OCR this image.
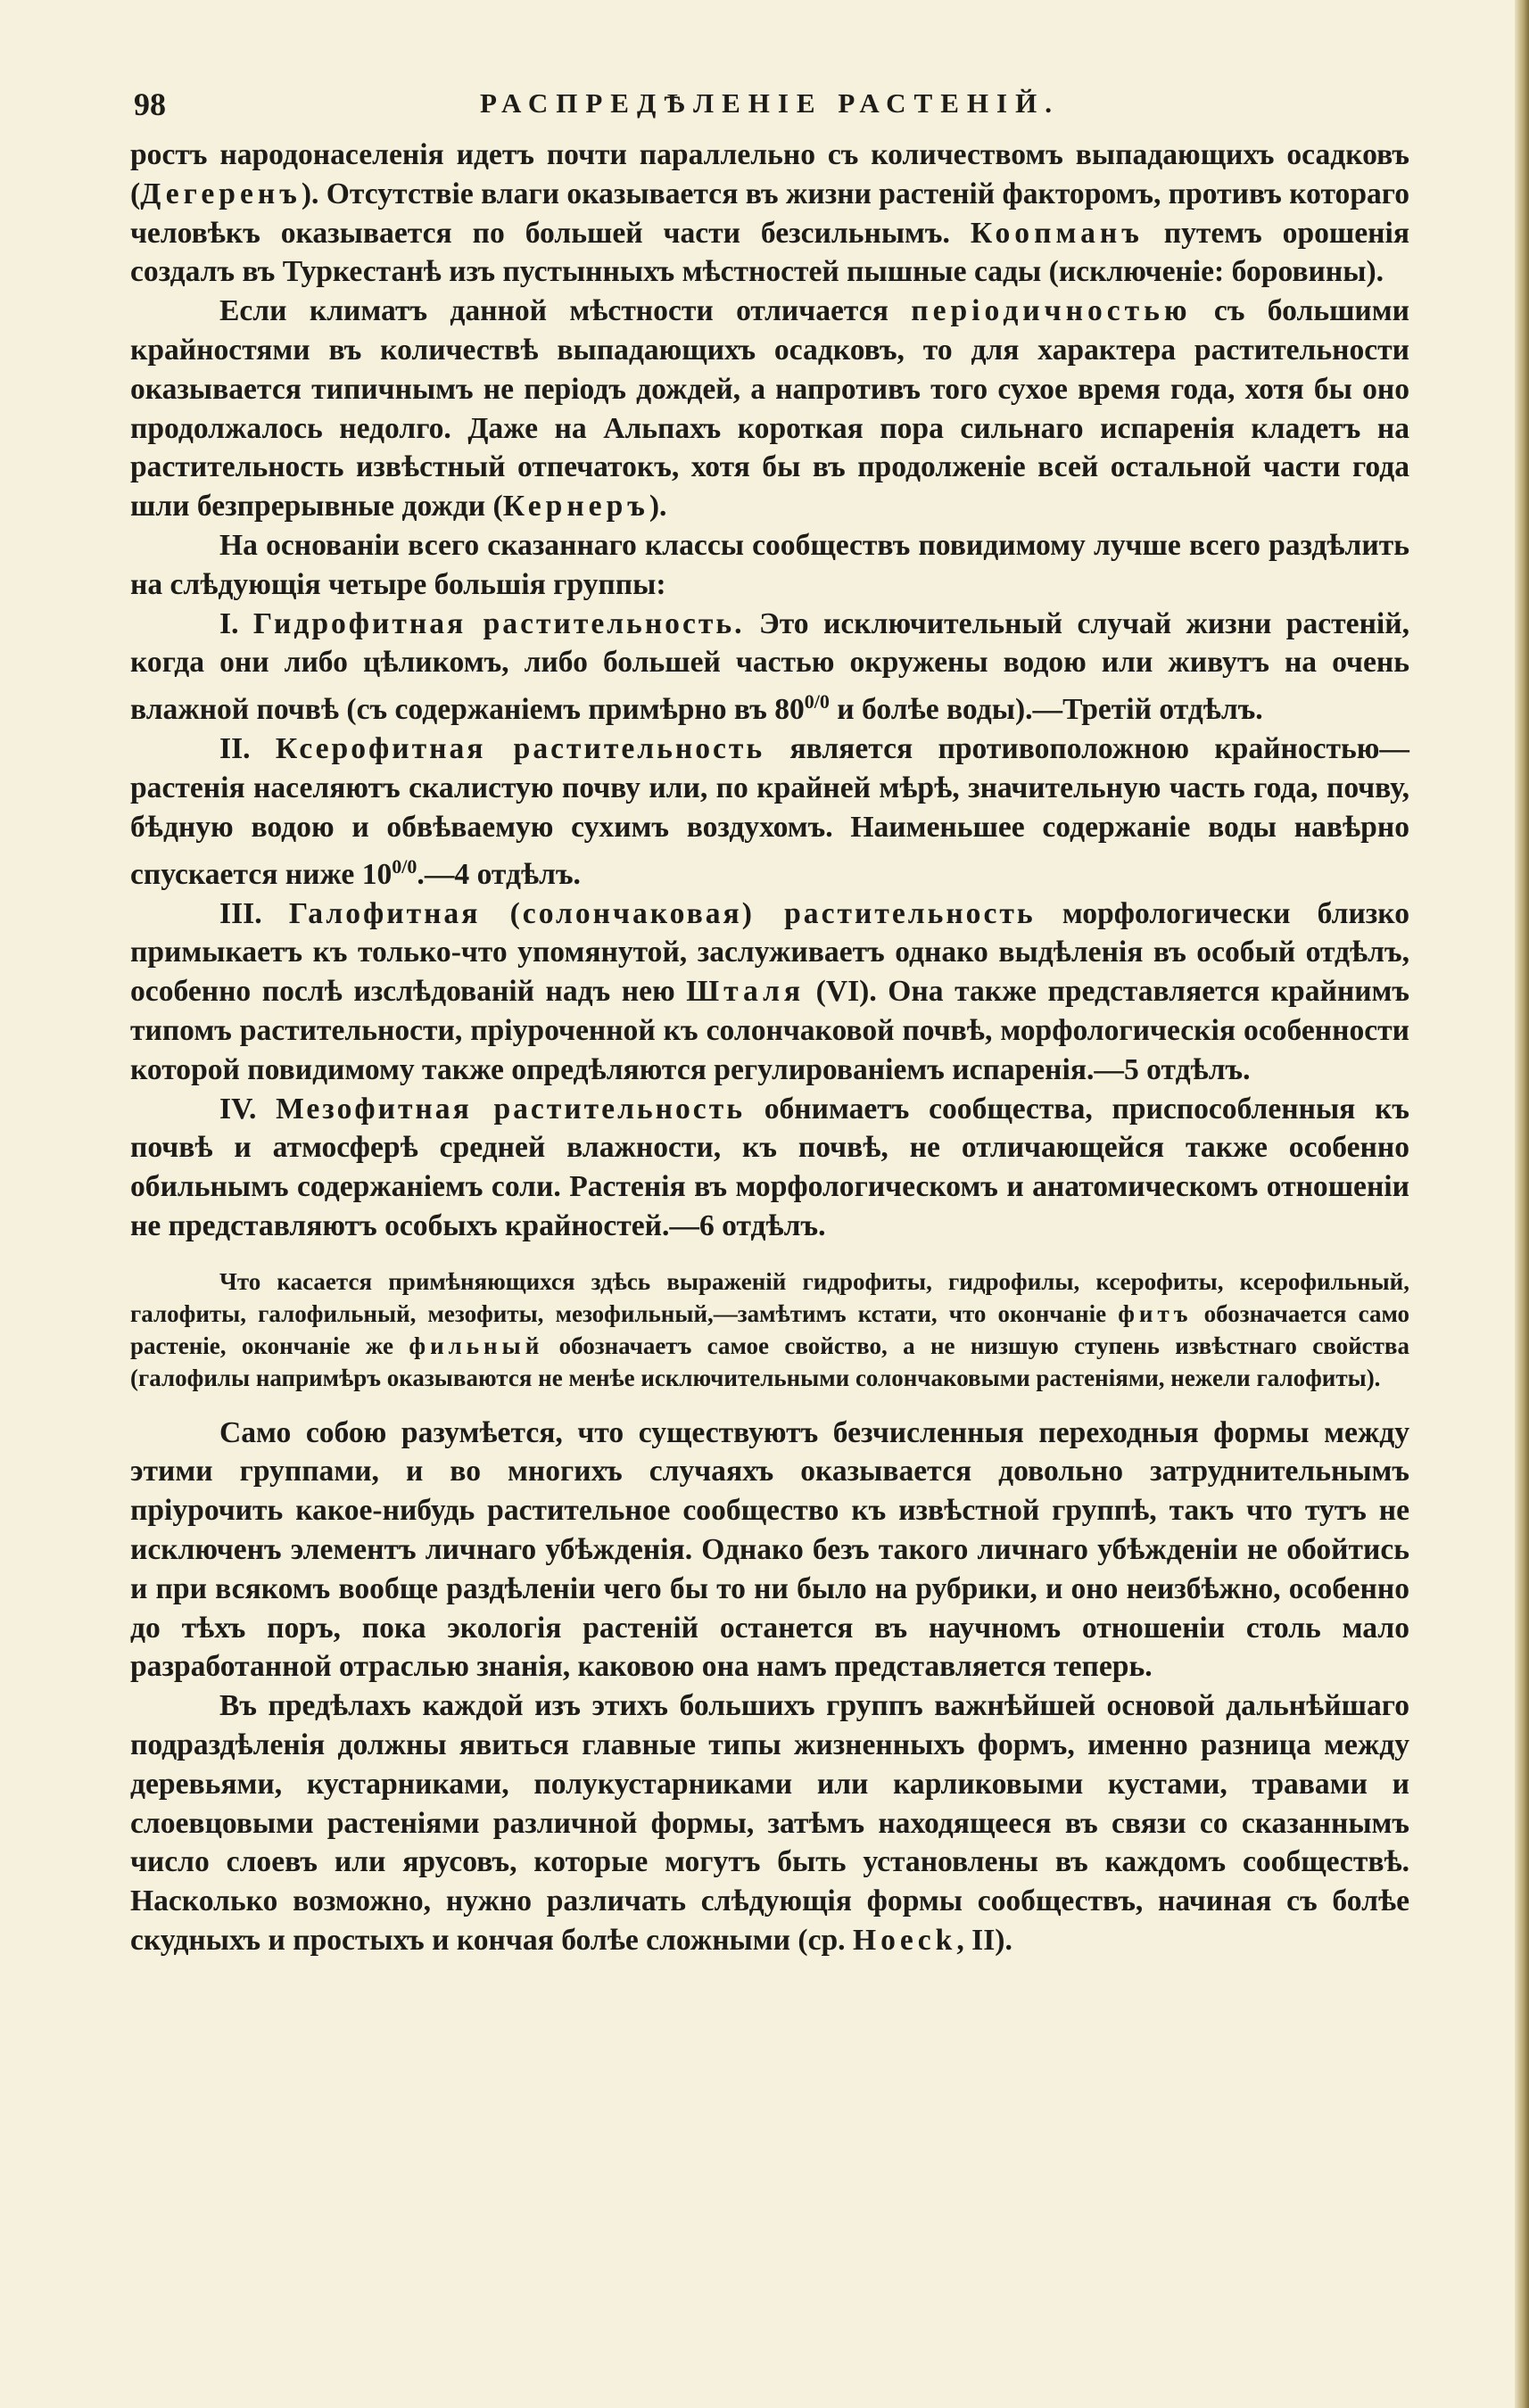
98	РАСПРЕДѢЛЕНІЕ РАСТЕНІЙ.

ростъ народонаселенія идетъ почти параллельно съ количествомъ выпадающихъ осадковъ (Дегеренъ). Отсутствіе влаги оказывается въ жизни растеній факторомъ, противъ котораго человѣкъ оказывается по большей части безсильнымъ. Коопманъ путемъ орошенія создалъ въ Туркестанѣ изъ пустынныхъ мѣстностей пышные сады (исключеніе: боровины).

Если климатъ данной мѣстности отличается періодичностью съ большими крайностями въ количествѣ выпадающихъ осадковъ, то для характера растительности оказывается типичнымъ не періодъ дождей, а напротивъ того сухое время года, хотя бы оно продолжалось недолго. Даже на Альпахъ короткая пора сильнаго испаренія кладетъ на растительность извѣстный отпечатокъ, хотя бы въ продолженіе всей остальной части года шли безпрерывные дожди (Кернеръ).

На основаніи всего сказаннаго классы сообществъ повидимому лучше всего раздѣлить на слѣдующія четыре большія группы:

I. Гидрофитная растительность. Это исключительный случай жизни растеній, когда они либо цѣликомъ, либо большей частью окружены водою или живутъ на очень влажной почвѣ (съ содержаніемъ примѣрно въ $80^{0/0}$ и болѣе воды).—Третій отдѣлъ.

II. Ксерофитная растительность является противоположною крайностью—растенія населяютъ скалистую почву или, по крайней мѣрѣ, значительную часть года, почву, бѣдную водою и обвѣваемую сухимъ воздухомъ. Наименьшее содержаніе воды навѣрно спускается ниже $10^{0/0}.—4$ отдѣлъ.

III. Галофитная (солончаковая) растительность морфологически близко примыкаетъ къ только-что упомянутой, заслуживаетъ однако выдѣленія въ особый отдѣлъ, особенно послѣ изслѣдованій надъ нею Шталя (VI). Она также представляется крайнимъ типомъ растительности, пріуроченной къ солончаковой почвѣ, морфологическія особенности которой повидимому также опредѣляются регулированіемъ испаренія.—5 отдѣлъ.

IV. Мезофитная растительность обнимаетъ сообщества, приспособленныя къ почвѣ и атмосферѣ средней влажности, къ почвѣ, не отличающейся также особенно обильнымъ содержаніемъ соли. Растенія въ морфологическомъ и анатомическомъ отношеніи не представляютъ особыхъ крайностей.—6 отдѣлъ.

Что касается примѣняющихся здѣсь выраженій гидрофиты, гидрофилы, ксерофиты, ксерофильный, галофиты, галофильный, мезофиты, мезофильный,—замѣтимъ кстати, что окончаніе фитъ обозначается само растеніе, окончаніе же фильный обозначаетъ самое свойство, а не низшую ступень извѣстнаго свойства (галофилы напримѣръ оказываются не менѣе исключительными солончаковыми растеніями, нежели галофиты).

Само собою разумѣется, что существуютъ безчисленныя переходныя формы между этими группами, и во многихъ случаяхъ оказывается довольно затруднительнымъ пріурочить какое-нибудь растительное сообщество къ извѣстной группѣ, такъ что тутъ не исключенъ элементъ личнаго убѣжденія. Однако безъ такого личнаго убѣжденіи не обойтись и при всякомъ вообще раздѣленіи чего бы то ни было на рубрики, и оно неизбѣжно, особенно до тѣхъ поръ, пока экологія растеній останется въ научномъ отношеніи столь мало разработанной отраслью знанія, каковою она намъ представляется теперь.

Въ предѣлахъ каждой изъ этихъ большихъ группъ важнѣйшей основой дальнѣйшаго подраздѣленія должны явиться главные типы жизненныхъ формъ, именно разница между деревьями, кустарниками, полукустарниками или карликовыми кустами, травами и слоевцовыми растеніями различной формы, затѣмъ находящееся въ связи со сказаннымъ число слоевъ или ярусовъ, которые могутъ быть установлены въ каждомъ сообществѣ. Насколько возможно, нужно различать слѣдующія формы сообществъ, начиная съ болѣе скудныхъ и простыхъ и кончая болѣе сложными (ср. Hoeck, II).
